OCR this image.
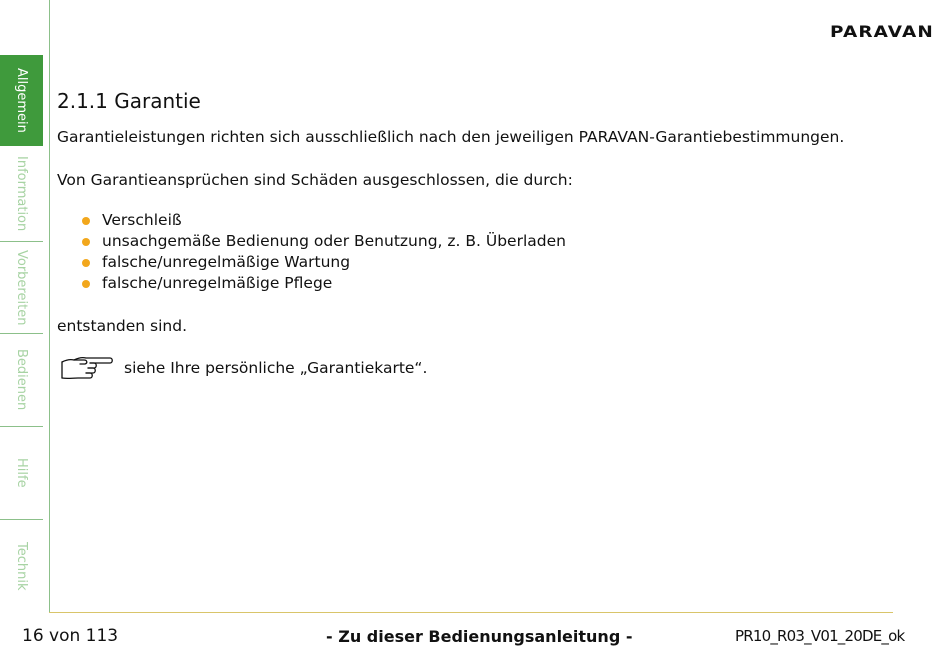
Allgemein
Information
Vorbereiten
Bedienen
Hilfe
Technik
PARAVAN
2.1.1 Garantie
Garantieleistungen richten sich ausschließlich nach den jeweiligen PARAVAN-Garantiebestimmungen.
Von Garantieansprüchen sind Schäden ausgeschlossen, die durch:
Verschleiß
unsachgemäße Bedienung oder Benutzung, z. B. Überladen
falsche/unregelmäßige Wartung
falsche/unregelmäßige Pflege
entstanden sind.
siehe Ihre persönliche „Garantiekarte“.
16 von 113	- Zu dieser Bedienungsanleitung -	PR10_R03_V01_20DE_ok
